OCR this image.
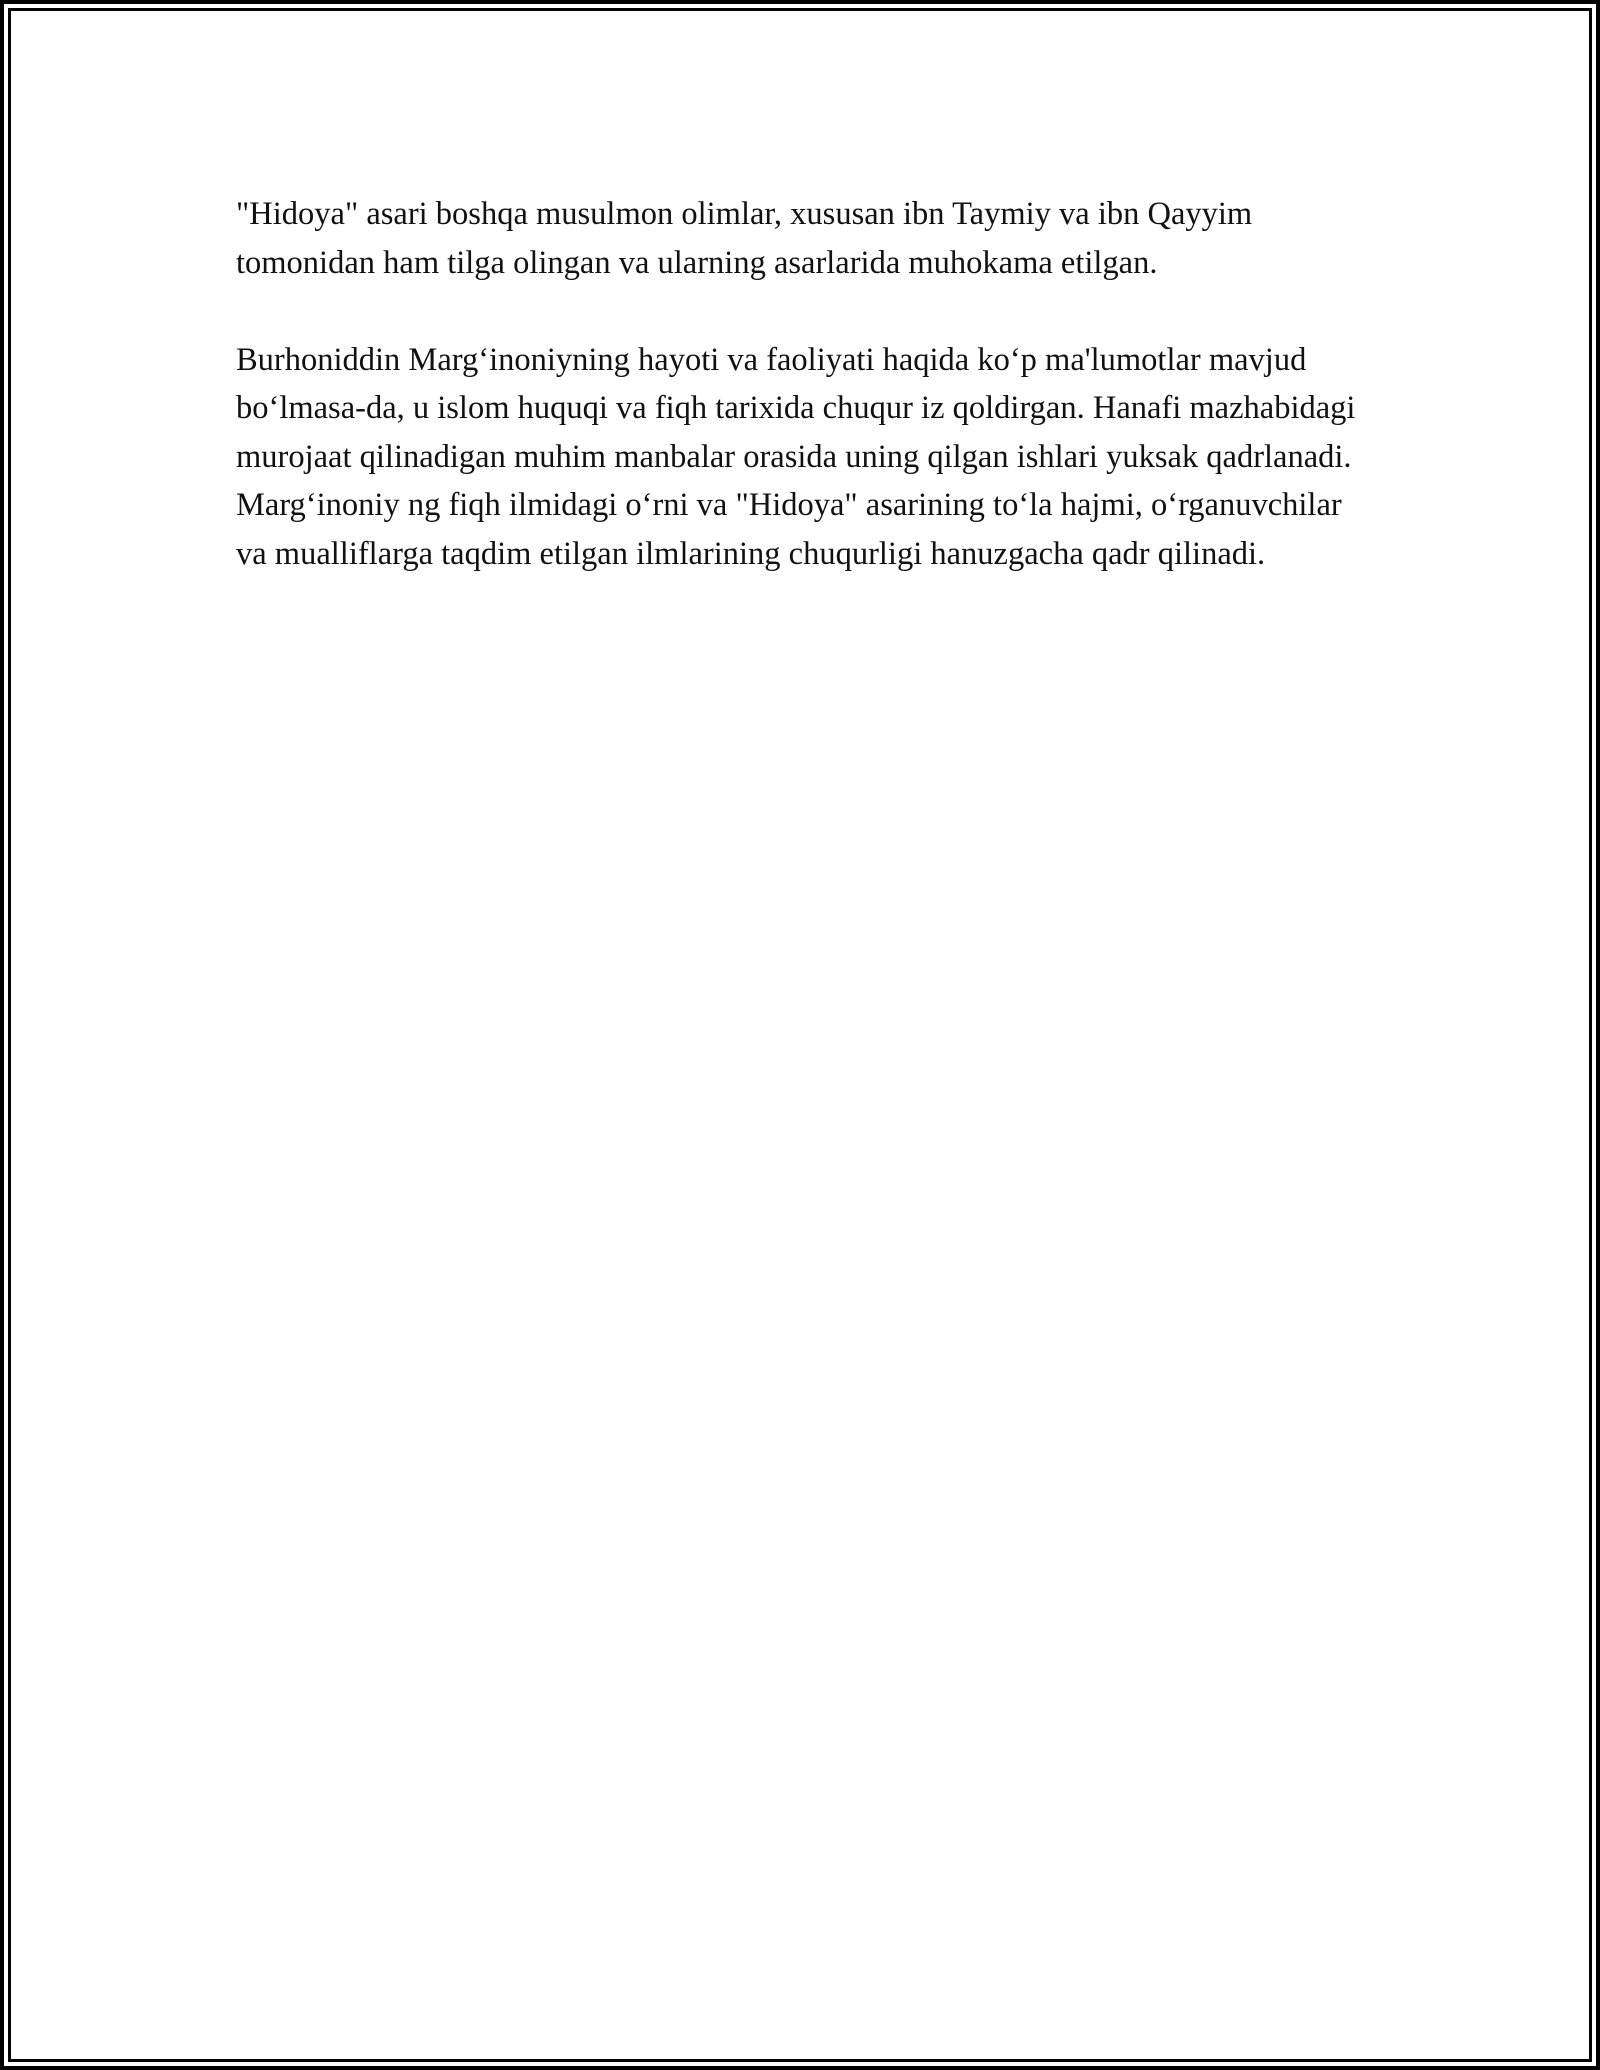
"Hidoya" asari boshqa musulmon olimlar, xususan ibn Taymiy va ibn Qayyim tomonidan ham tilga olingan va ularning asarlarida muhokama etilgan.

Burhoniddin Marg‘inoniyning hayoti va faoliyati haqida ko‘p ma'lumotlar mavjud bo‘lmasa-da, u islom huquqi va fiqh tarixida chuqur iz qoldirgan. Hanafi mazhabidagi murojaat qilinadigan muhim manbalar orasida uning qilgan ishlari yuksak qadrlanadi. Marg‘inoniy ng fiqh ilmidagi o‘rni va "Hidoya" asarining to‘la hajmi, o‘rganuvchilar va mualliflarga taqdim etilgan ilmlarining chuqurligi hanuzgacha qadr qilinadi.
